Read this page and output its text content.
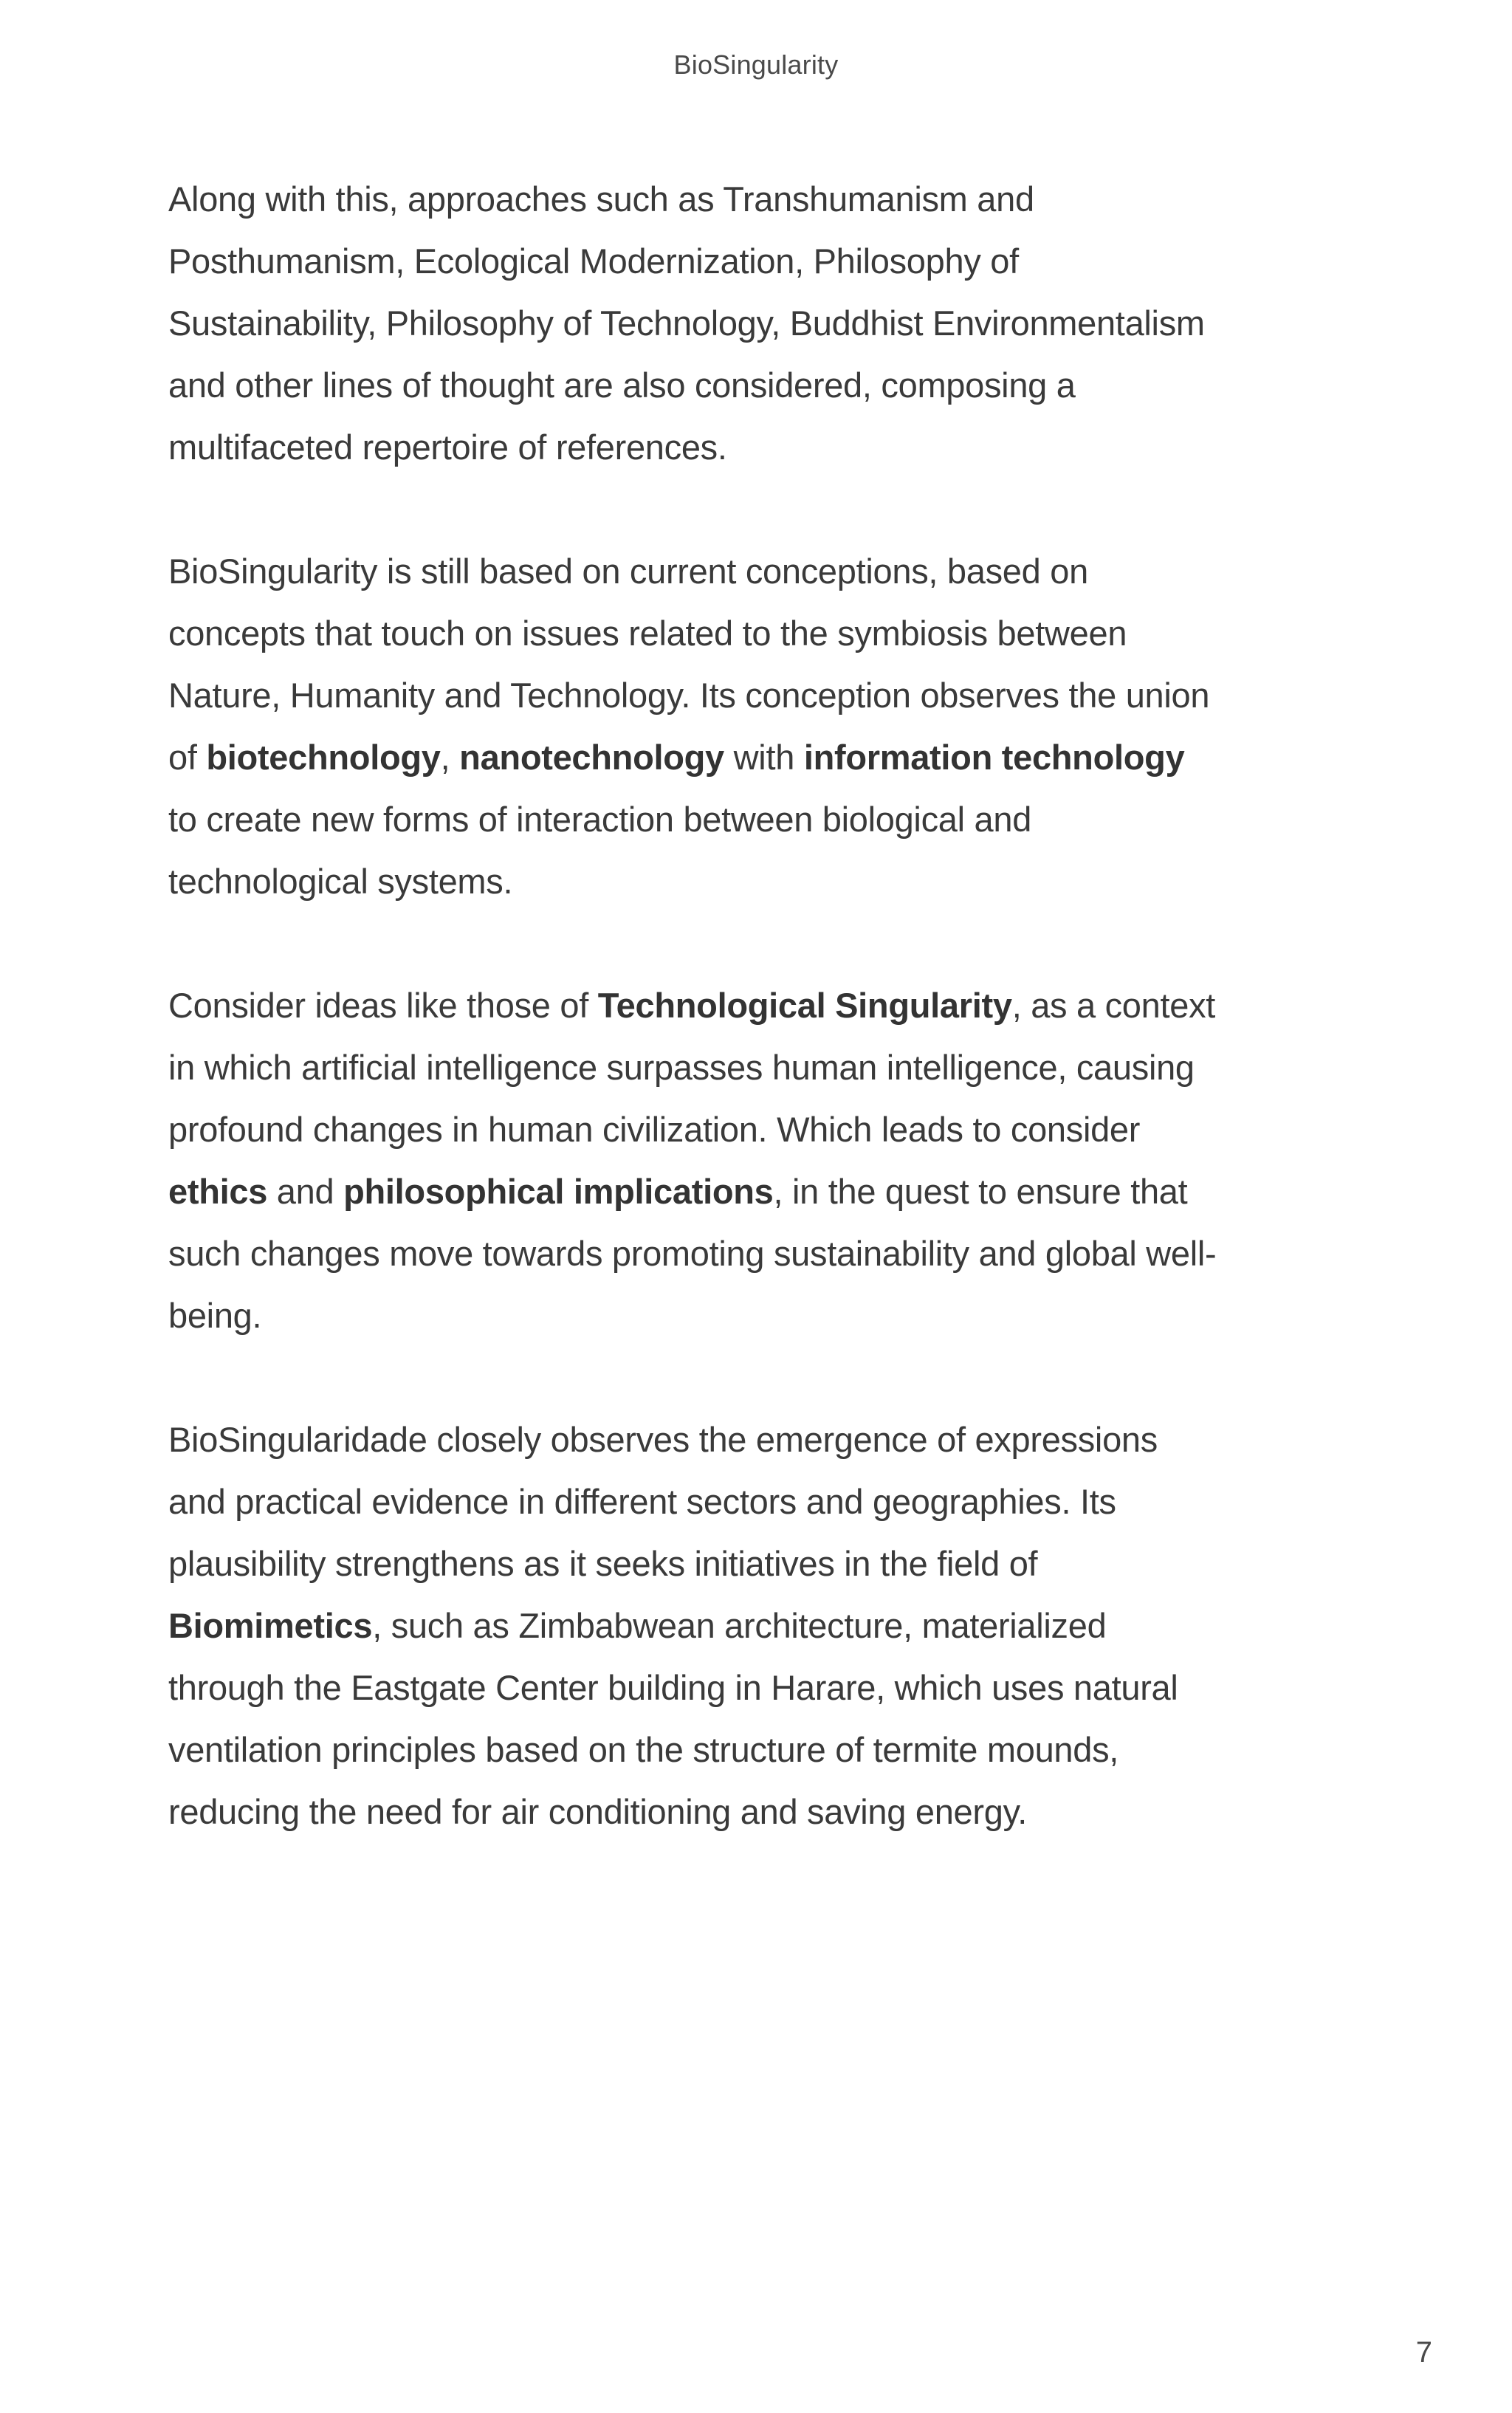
BioSingularity

Along with this, approaches such as Transhumanism and Posthumanism, Ecological Modernization, Philosophy of Sustainability, Philosophy of Technology, Buddhist Environmentalism and other lines of thought are also considered, composing a multifaceted repertoire of references.

BioSingularity is still based on current conceptions, based on concepts that touch on issues related to the symbiosis between Nature, Humanity and Technology. Its conception observes the union of biotechnology, nanotechnology with information technology to create new forms of interaction between biological and technological systems.

Consider ideas like those of Technological Singularity, as a context in which artificial intelligence surpasses human intelligence, causing profound changes in human civilization. Which leads to consider ethics and philosophical implications, in the quest to ensure that such changes move towards promoting sustainability and global well-being.

BioSingularidade closely observes the emergence of expressions and practical evidence in different sectors and geographies. Its plausibility strengthens as it seeks initiatives in the field of Biomimetics, such as Zimbabwean architecture, materialized through the Eastgate Center building in Harare, which uses natural ventilation principles based on the structure of termite mounds, reducing the need for air conditioning and saving energy.

7
